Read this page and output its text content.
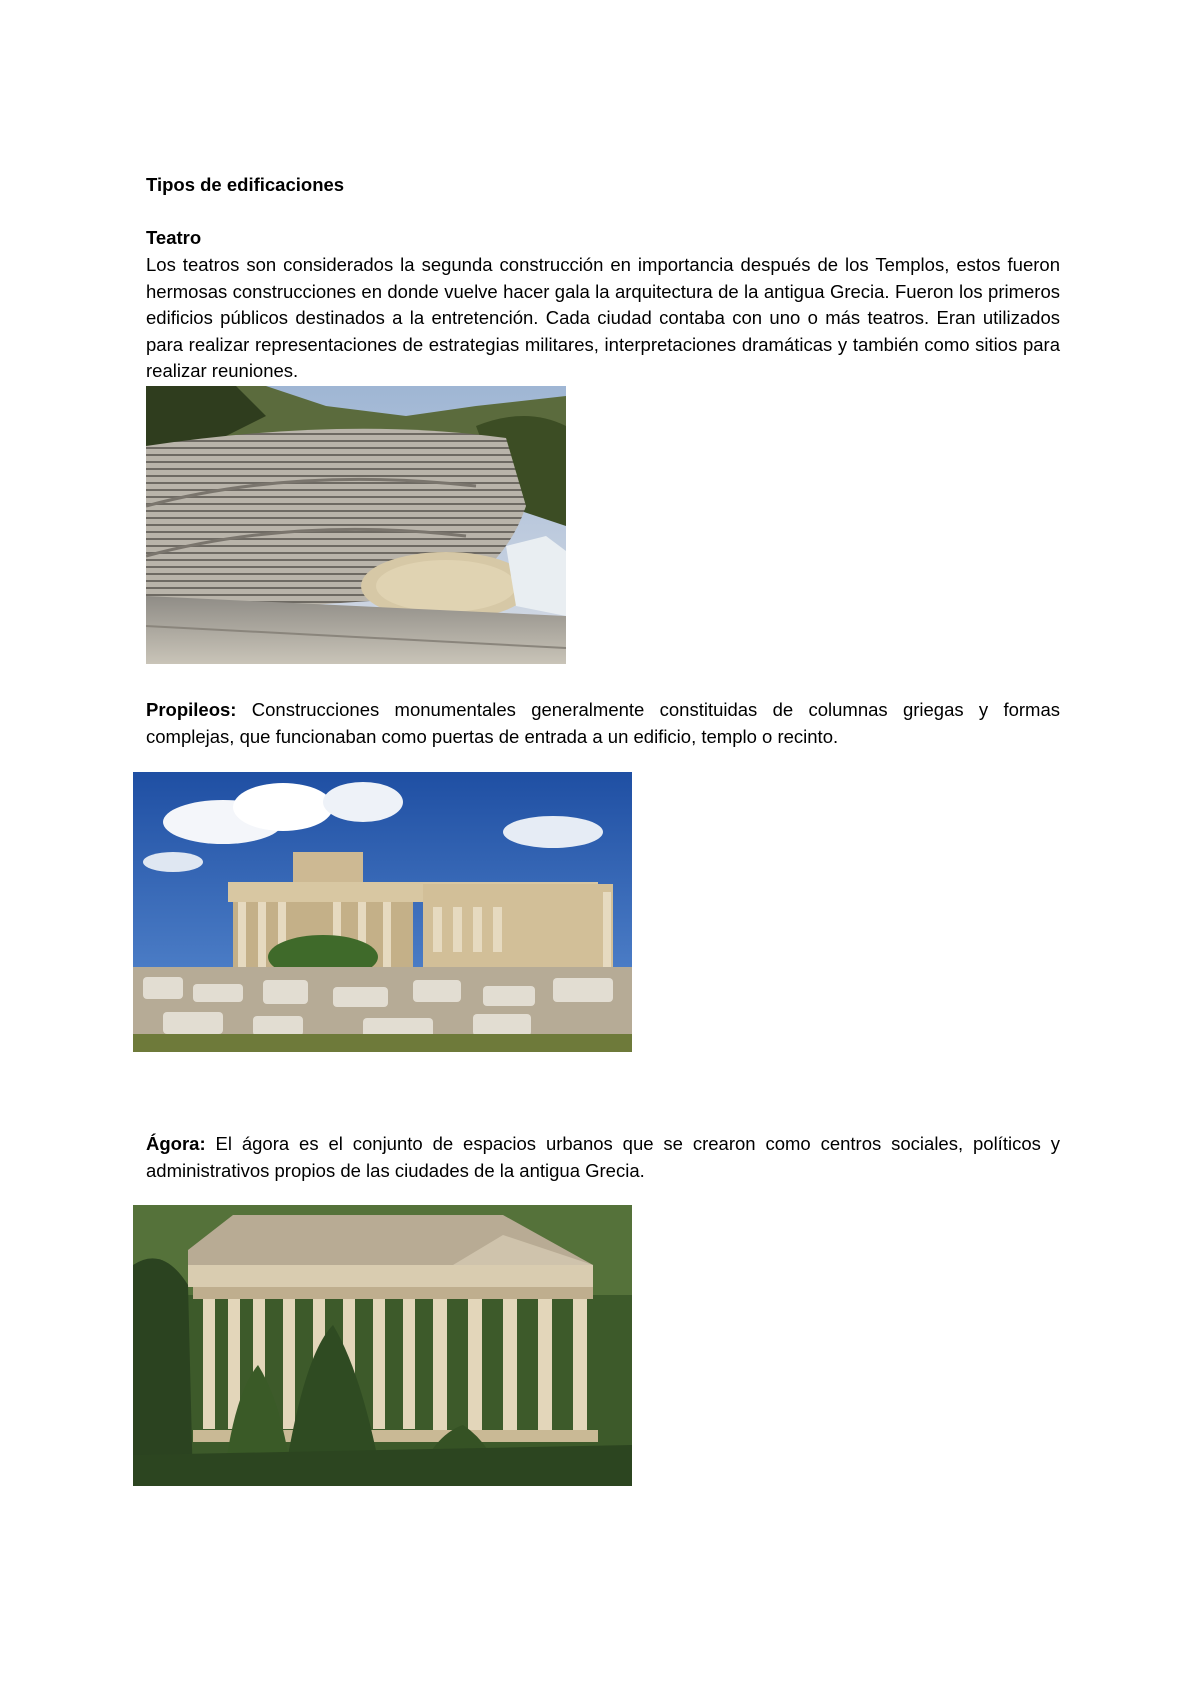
Tipos de edificaciones
Teatro
Los teatros son considerados la segunda construcción en importancia después de los Templos, estos fueron hermosas construcciones en donde vuelve hacer gala la arquitectura de la antigua Grecia. Fueron los primeros edificios públicos destinados a la entretención. Cada ciudad contaba con uno o más teatros. Eran utilizados para realizar representaciones de estrategias militares, interpretaciones dramáticas y también como sitios para realizar reuniones.
Propileos: Construcciones monumentales generalmente constituidas de columnas griegas y formas complejas, que funcionaban como puertas de entrada a un edificio, templo o recinto.
Ágora: El ágora es el conjunto de espacios urbanos que se crearon como centros sociales, políticos y administrativos propios de las ciudades de la antigua Grecia.
